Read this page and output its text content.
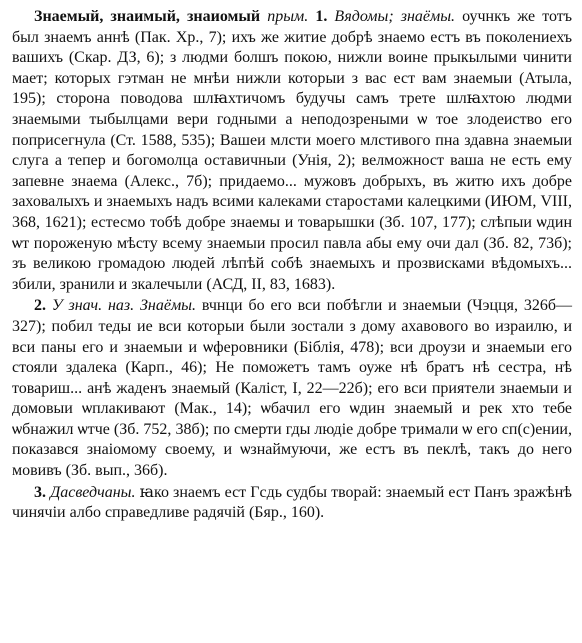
Знаемый, знаимый, знаиомый прым. 1. Вядомы; знаёмы. оучнкъ же тотъ был знаемъ аннѣ (Пак. Хр., 7); ихъ же житие добрѣ знаемо естъ въ поколениехъ вашихъ (Скар. ДЗ, 6); з людми болшъ покою, нижли воине прыкылыми чинити мает; которых гэтман не мнѣи нижли которыи з вас ест вам знаемыи (Атыла, 195); сторона поводова шлꙗхтичомъ будучы самъ трете шлꙗхтою людми знаемыми тыбылцами вери годными а неподозреными ѡ тое злодеиство его поприсегнула (Ст. 1588, 535); Вашеи млсти моего млстивого пна здавна знаемыи слуга а тепер и богомолца оставичныи (Унія, 2); велможност ваша не есть ему запевне знаема (Алекс., 7б); придаемо... мужовъ добрыхъ, въ житю ихъ добре заховалыхъ и знаемыхъ надъ всими калеками старостами калецкими (ИЮМ, VIII, 368, 1621); естесмо тобѣ добре знаемы и товарышки (Зб. 107, 177); слѣпыи ѡдин ѡт пороженую мѣсту всему знаемыи просил павла абы ему очи дал (Зб. 82, 73б); зъ великою громадою людей лѣпѣй собѣ знаемыхъ и прозвисками вѣдомыхъ... збили, зранили и зкалечыли (АСД, II, 83, 1683).

2. У знач. наз. Знаёмы. вчнци бо его вси побѣгли и знаемыи (Чэцця, 326б—327); побил теды ие вси которыи были зостали з дому ахавового во израилю, и вси паны его и знаемыи и ѡферовники (Біблія, 478); вси дроузи и знаемыи его стояли здалека (Карп., 46); Не поможетъ тамъ оуже нѣ братъ нѣ сестра, нѣ товариш... анѣ жаденъ знаемый (Каліст, I, 22—22б); его вси приятели знаемыи и домовыи ѡплакивают (Мак., 14); ѡбачил его ѡдин знаемый и рек хто тебе ѡбнажил ѡтче (Зб. 752, 38б); по смерти гды людіе добре тримали ѡ его сп(с)ении, показався знаіомому своему, и ѡзнаймуючи, же естъ въ пеклѣ, такъ до него мовивъ (Зб. вып., 36б).

3. Дасведчаны. ꙗко знаемъ ест Гсдь судбы творай: знаемый ест Панъ зражѣнѣ чинячіи албо справедливе радячій (Бяр., 160).
